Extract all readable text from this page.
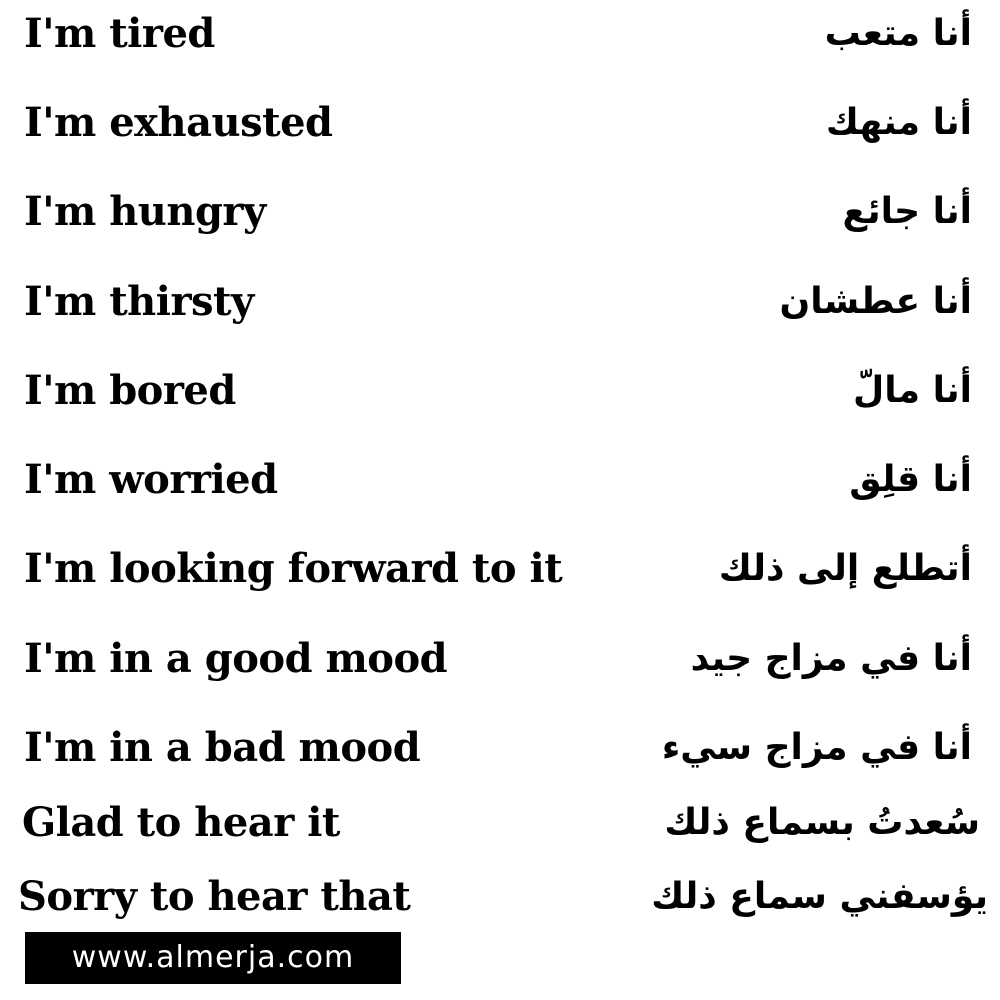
I'm tired	أنا متعب
I'm exhausted	أنا منهك
I'm hungry	أنا جائع
I'm thirsty	أنا عطشان
I'm bored	أنا مالّ
I'm worried	أنا قلِق
I'm looking forward to it	أتطلع إلى ذلك
I'm in a good mood	أنا في مزاج جيد
I'm in a bad mood	أنا في مزاج سيء
Glad to hear it	سُعدتُ بسماع ذلك
Sorry to hear that	يؤسفني سماع ذلك
www.almerja.com
